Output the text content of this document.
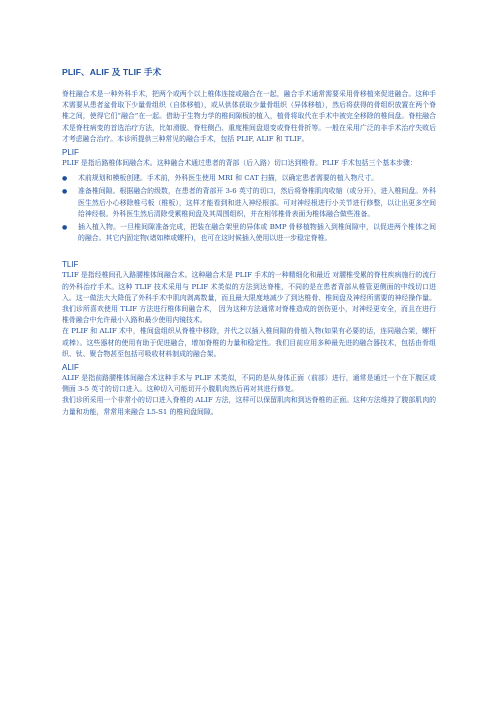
PLIF、ALIF 及 TLIF 手术

脊柱融合术是一种外科手术，把两个或两个以上椎体连接或融合在一起，融合手术通常需要采用骨移植来促进融合。这种手术需要从患者盆骨取下少量骨组织（自体移植），或从供体获取少量骨组织（异体移植），然后将获得的骨组织放置在两个脊椎之间，使得它们“融合”在一起。借助于生物力学的椎间隙板的植入，植骨将取代在手术中被完全移除的椎间盘。脊柱融合术是脊柱病变的首选治疗方法，比如滑脱、脊柱侧凸、重度椎间盘退变或脊柱骨折等。一般在采用广泛的非手术治疗失败后才考虑融合治疗。本诊所提供三种常见的融合手术，包括 PLIF, ALIF 和 TLIF。

PLIF

PLIF 是指后路椎体间融合术。这种融合术通过患者的背部（后入路）切口达到椎骨。PLIF 手术包括三个基本步骤：

● 术前规划和模板创建。手术前，外科医生使用 MRI 和 CAT 扫描，以确定患者需要的植入物尺寸。
● 准备椎间隙。根据融合的级数，在患者的背部开 3-6 英寸的切口，然后将脊椎肌肉收缩（或分开），进入椎间盘。外科医生然后小心移除椎弓板（椎板），这样才能看到和进入神经根部。可对神经根进行小关节进行修整，以让出更多空间给神经根。外科医生然后清除受累椎间盘及其周围组织，并在相邻椎骨表面为椎体融合做些准备。
● 插入植入物。一旦椎间隙准备完成，把装在融合架里的异体或 BMP 骨移植物插入到椎间隙中，以促进两个椎体之间的融合。其它内固定物(诸如棒或螺杆)，也可在这时候插入使用以进一步稳定脊椎。
TLIF

TLIF 是指经椎间孔入路腰椎体间融合术。这种融合术是 PLIF 手术的一种精细化和最近 对腰椎受累的脊柱疾病施行的流行的外科治疗手术。这种 TLIF 技术采用与 PLIF 术类似的方法到达脊椎，不同的是在患者背部从椎管更侧面的中线切口进入。这一做法大大降低了外科手术中肌肉剥离数量，而且最大限度地减少了到达椎骨、椎间盘及神经所需要的神经操作量。我们诊所喜欢使用 TLIF 方法进行椎体间融合术， 因为这种方法通常对脊椎造成的创伤更小，对神经更安全，而且在进行椎骨融合中允许最小入路和最少使用内镜技术。

在 PLIF 和 ALIF 术中，椎间盘组织从脊椎中移除，并代之以插入椎间隙的骨植入物(如果有必要的话，连同融合架，螺杆或棒）。这些器材的使用有助于促进融合，增加脊椎的力量和稳定性。我们目前应用多种最先进的融合器技术，包括由骨组织、钛、聚合物甚至包括可吸收材料制成的融合架。

ALIF

ALIF 是指前路腰椎体间融合术这种手术与 PLIF 术类似，不同的是从身体正面（前部）进行，通常是通过一个在下腹区或侧面 3-5 英寸的切口进入。这种切入可能切开小腹肌肉然后再对其进行修复。

我们诊所采用一个非常小的切口进入脊椎的 ALIF 方法，这样可以保留肌肉和到达脊椎的正面。这种方法维持了腹部肌肉的力量和功能，常常用来融合 L5-S1 的椎间盘间隙。
